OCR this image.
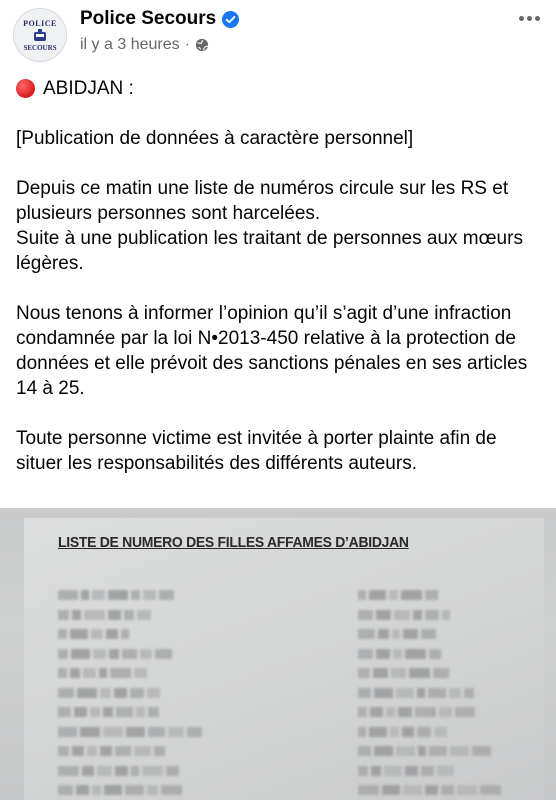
POLICE
SECOURS
Police Secours
il y a 3 heures ·
ABIDJAN :

[Publication de données à caractère personnel]

Depuis ce matin une liste de numéros circule sur les RS et plusieurs personnes sont harcelées.

Suite à une publication les traitant de personnes aux mœurs légères.

Nous tenons à informer l’opinion qu’il s’agit d’une infraction condamnée par la loi N•2013-450 relative à la protection de données et elle prévoit des sanctions pénales en ses articles 14 à 25.

Toute personne victime est invitée à porter plainte afin de situer les responsabilités des différents auteurs.

LISTE DE NUMERO DES FILLES AFFAMES D’ABIDJAN
